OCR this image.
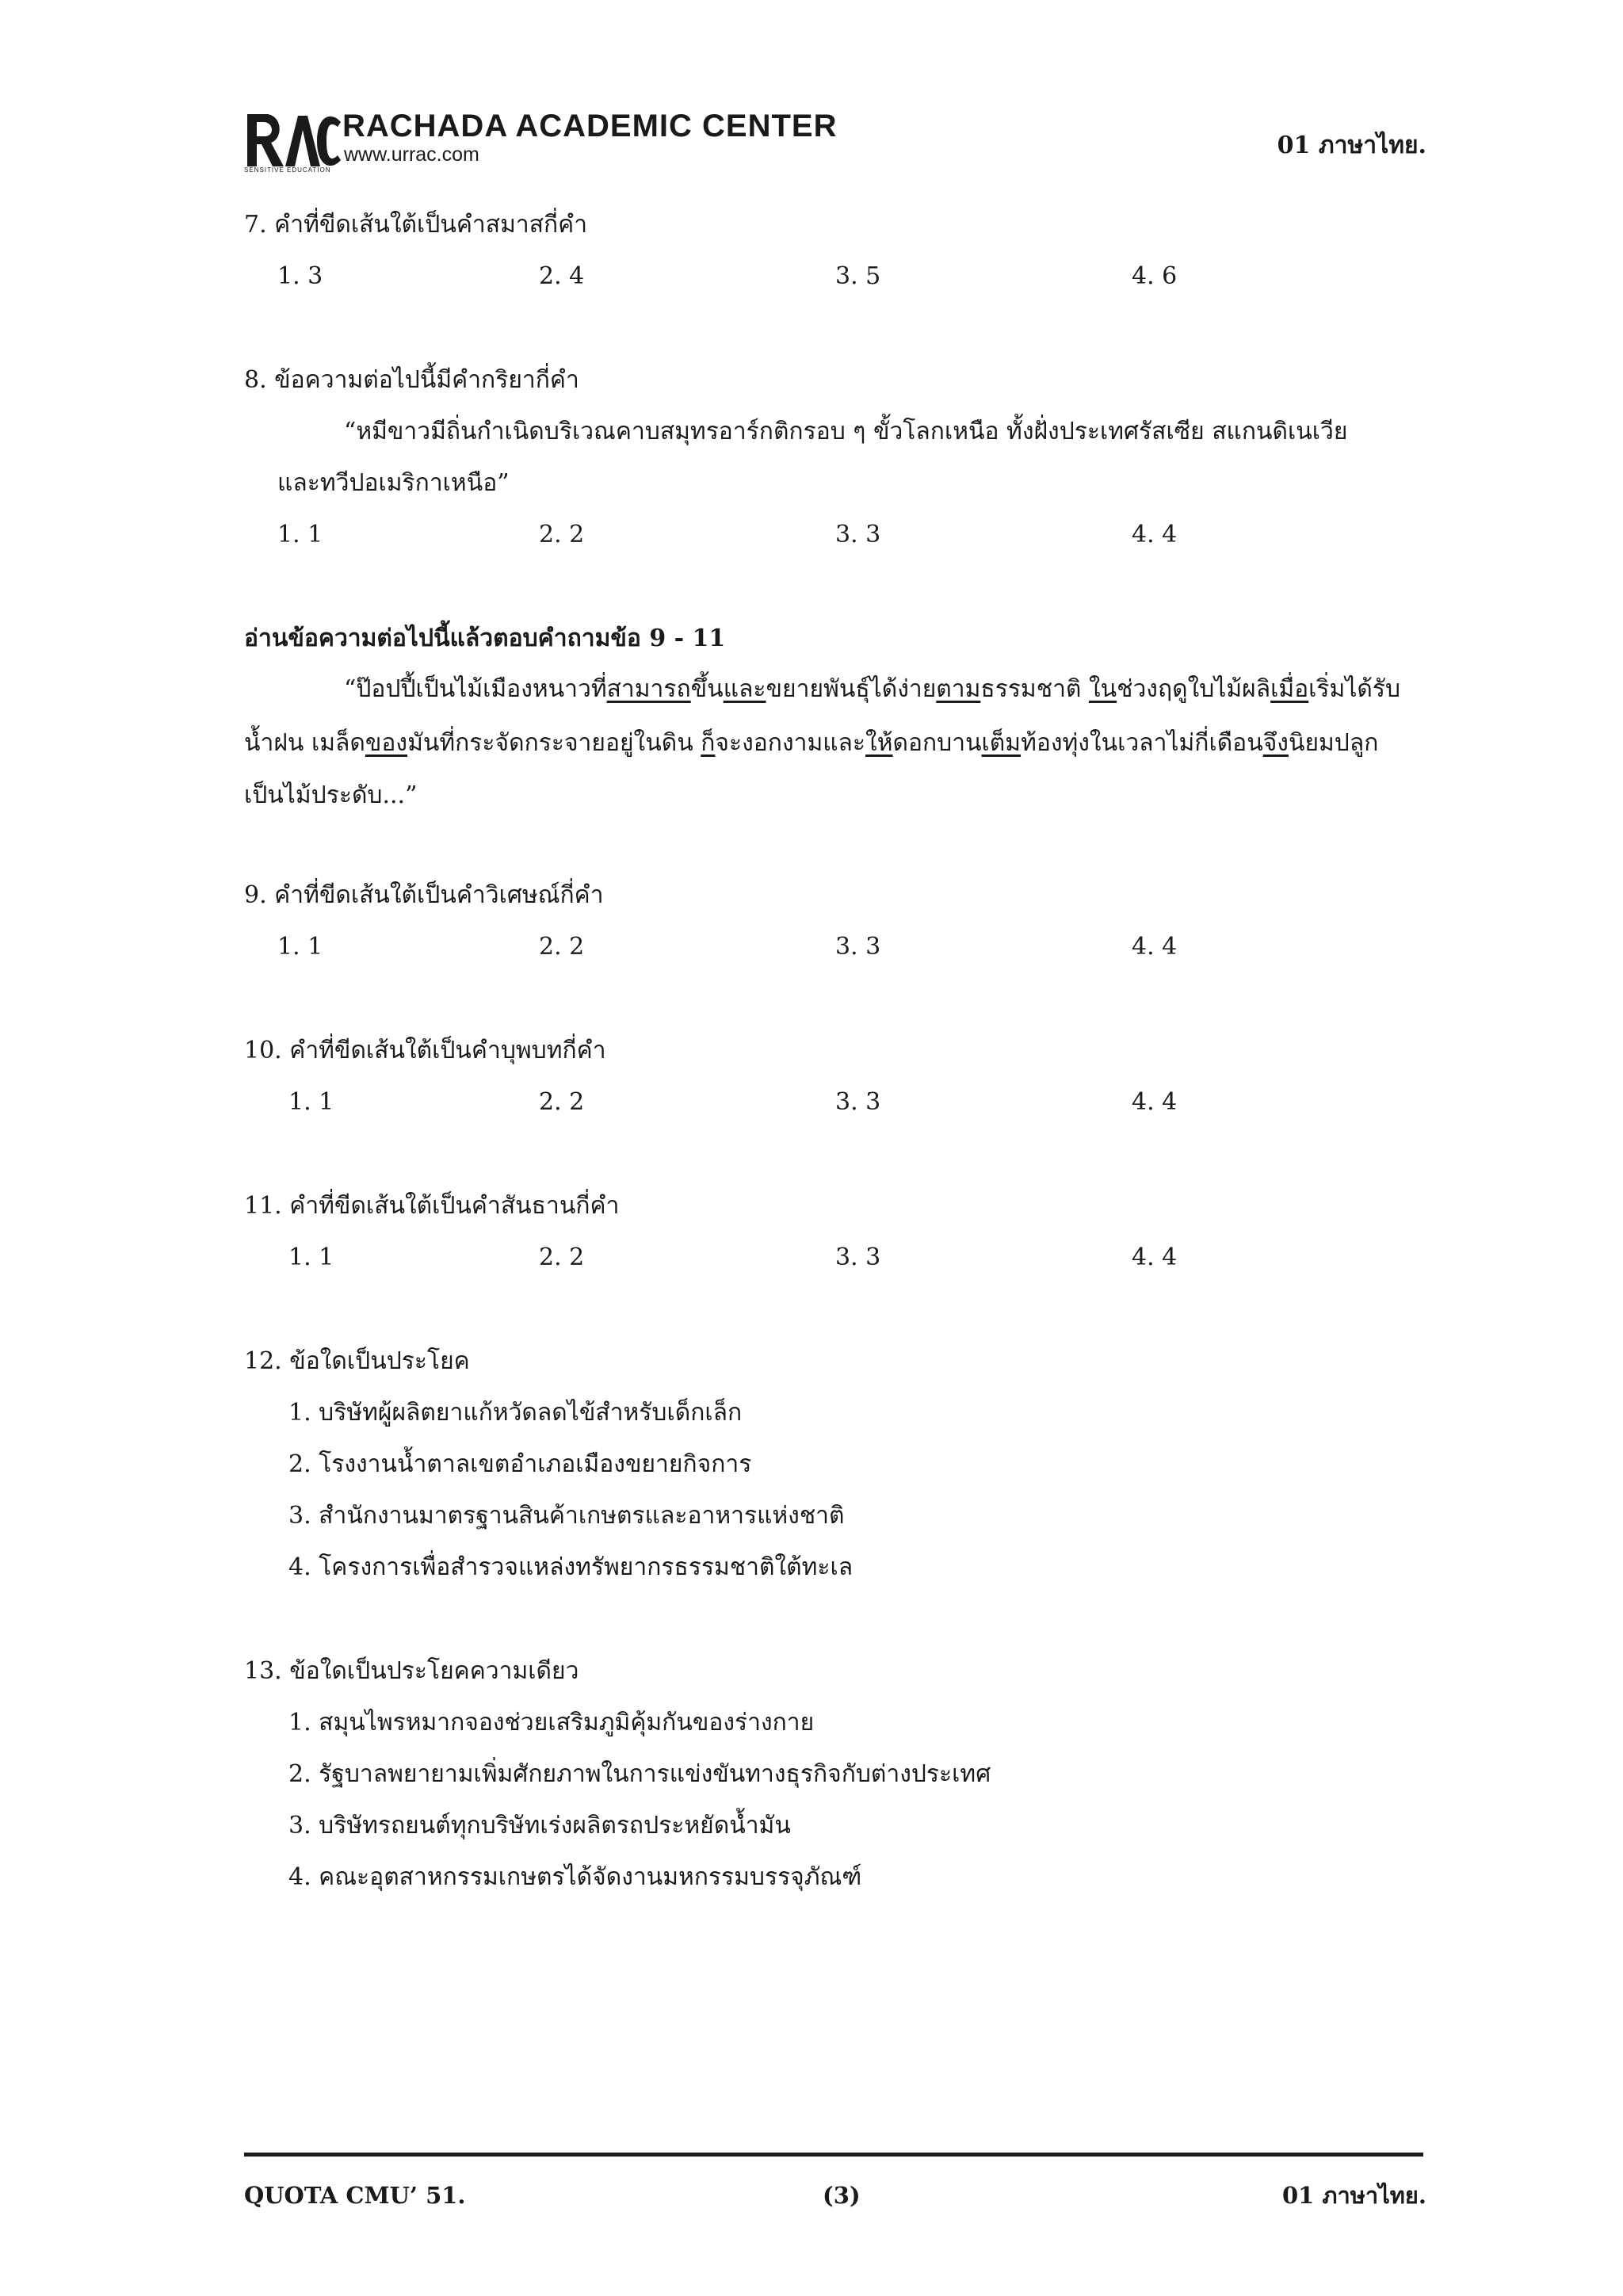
RACHADA ACADEMIC CENTER
www.urrac.com
SENSITIVE EDUCATION
01 ภาษาไทย.
7. คำที่ขีดเส้นใต้เป็นคำสมาสกี่คำ
1. 3	2. 4	3. 5	4. 6
8. ข้อความต่อไปนี้มีคำกริยากี่คำ
“หมีขาวมีถิ่นกำเนิดบริเวณคาบสมุทรอาร์กติกรอบ ๆ ขั้วโลกเหนือ ทั้งฝั่งประเทศรัสเซีย สแกนดิเนเวีย
และทวีปอเมริกาเหนือ”
1. 1	2. 2	3. 3	4. 4
อ่านข้อความต่อไปนี้แล้วตอบคำถามข้อ 9 - 11
“ป๊อปปี้เป็นไม้เมืองหนาวที่สามารถขึ้นและขยายพันธุ์ได้ง่ายตามธรรมชาติ ในช่วงฤดูใบไม้ผลิเมื่อเริ่มได้รับ
น้ำฝน เมล็ดของมันที่กระจัดกระจายอยู่ในดิน ก็จะงอกงามและให้ดอกบานเต็มท้องทุ่งในเวลาไม่กี่เดือนจึงนิยมปลูก
เป็นไม้ประดับ...”
9. คำที่ขีดเส้นใต้เป็นคำวิเศษณ์กี่คำ
1. 1	2. 2	3. 3	4. 4
10. คำที่ขีดเส้นใต้เป็นคำบุพบทกี่คำ
1. 1	2. 2	3. 3	4. 4
11. คำที่ขีดเส้นใต้เป็นคำสันธานกี่คำ
1. 1	2. 2	3. 3	4. 4
12. ข้อใดเป็นประโยค
1. บริษัทผู้ผลิตยาแก้หวัดลดไข้สำหรับเด็กเล็ก
2. โรงงานน้ำตาลเขตอำเภอเมืองขยายกิจการ
3. สำนักงานมาตรฐานสินค้าเกษตรและอาหารแห่งชาติ
4. โครงการเพื่อสำรวจแหล่งทรัพยากรธรรมชาติใต้ทะเล
13. ข้อใดเป็นประโยคความเดียว
1. สมุนไพรหมากจองช่วยเสริมภูมิคุ้มกันของร่างกาย
2. รัฐบาลพยายามเพิ่มศักยภาพในการแข่งขันทางธุรกิจกับต่างประเทศ
3. บริษัทรถยนต์ทุกบริษัทเร่งผลิตรถประหยัดน้ำมัน
4. คณะอุตสาหกรรมเกษตรได้จัดงานมหกรรมบรรจุภัณฑ์
QUOTA CMU’ 51.	(3)	01 ภาษาไทย.
